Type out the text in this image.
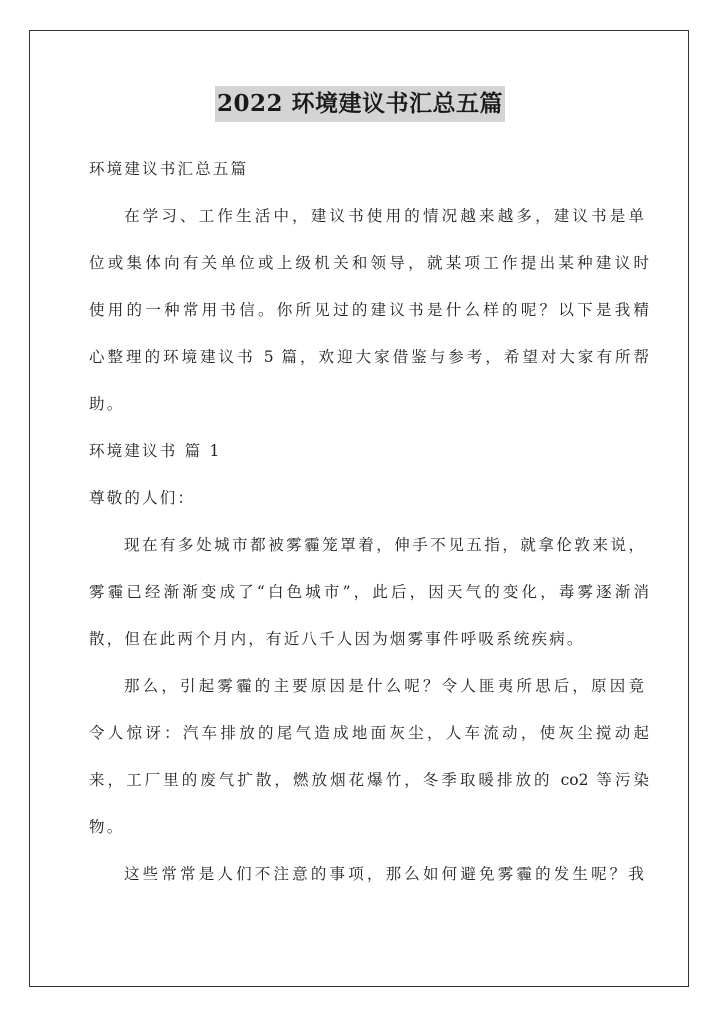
2022 环境建议书汇总五篇
环境建议书汇总五篇
在学习、工作生活中，建议书使用的情况越来越多，建议书是单
位或集体向有关单位或上级机关和领导，就某项工作提出某种建议时
使用的一种常用书信。你所见过的建议书是什么样的呢？以下是我精
心整理的环境建议书 5 篇，欢迎大家借鉴与参考，希望对大家有所帮
助。
环境建议书 篇 1
尊敬的人们：
现在有多处城市都被雾霾笼罩着，伸手不见五指，就拿伦敦来说，
雾霾已经渐渐变成了“白色城市”，此后，因天气的变化，毒雾逐渐消
散，但在此两个月内，有近八千人因为烟雾事件呼吸系统疾病。
那么，引起雾霾的主要原因是什么呢？令人匪夷所思后，原因竟
令人惊讶：汽车排放的尾气造成地面灰尘，人车流动，使灰尘搅动起
来，工厂里的废气扩散，燃放烟花爆竹，冬季取暖排放的 co2 等污染
物。
这些常常是人们不注意的事项，那么如何避免雾霾的发生呢？我
